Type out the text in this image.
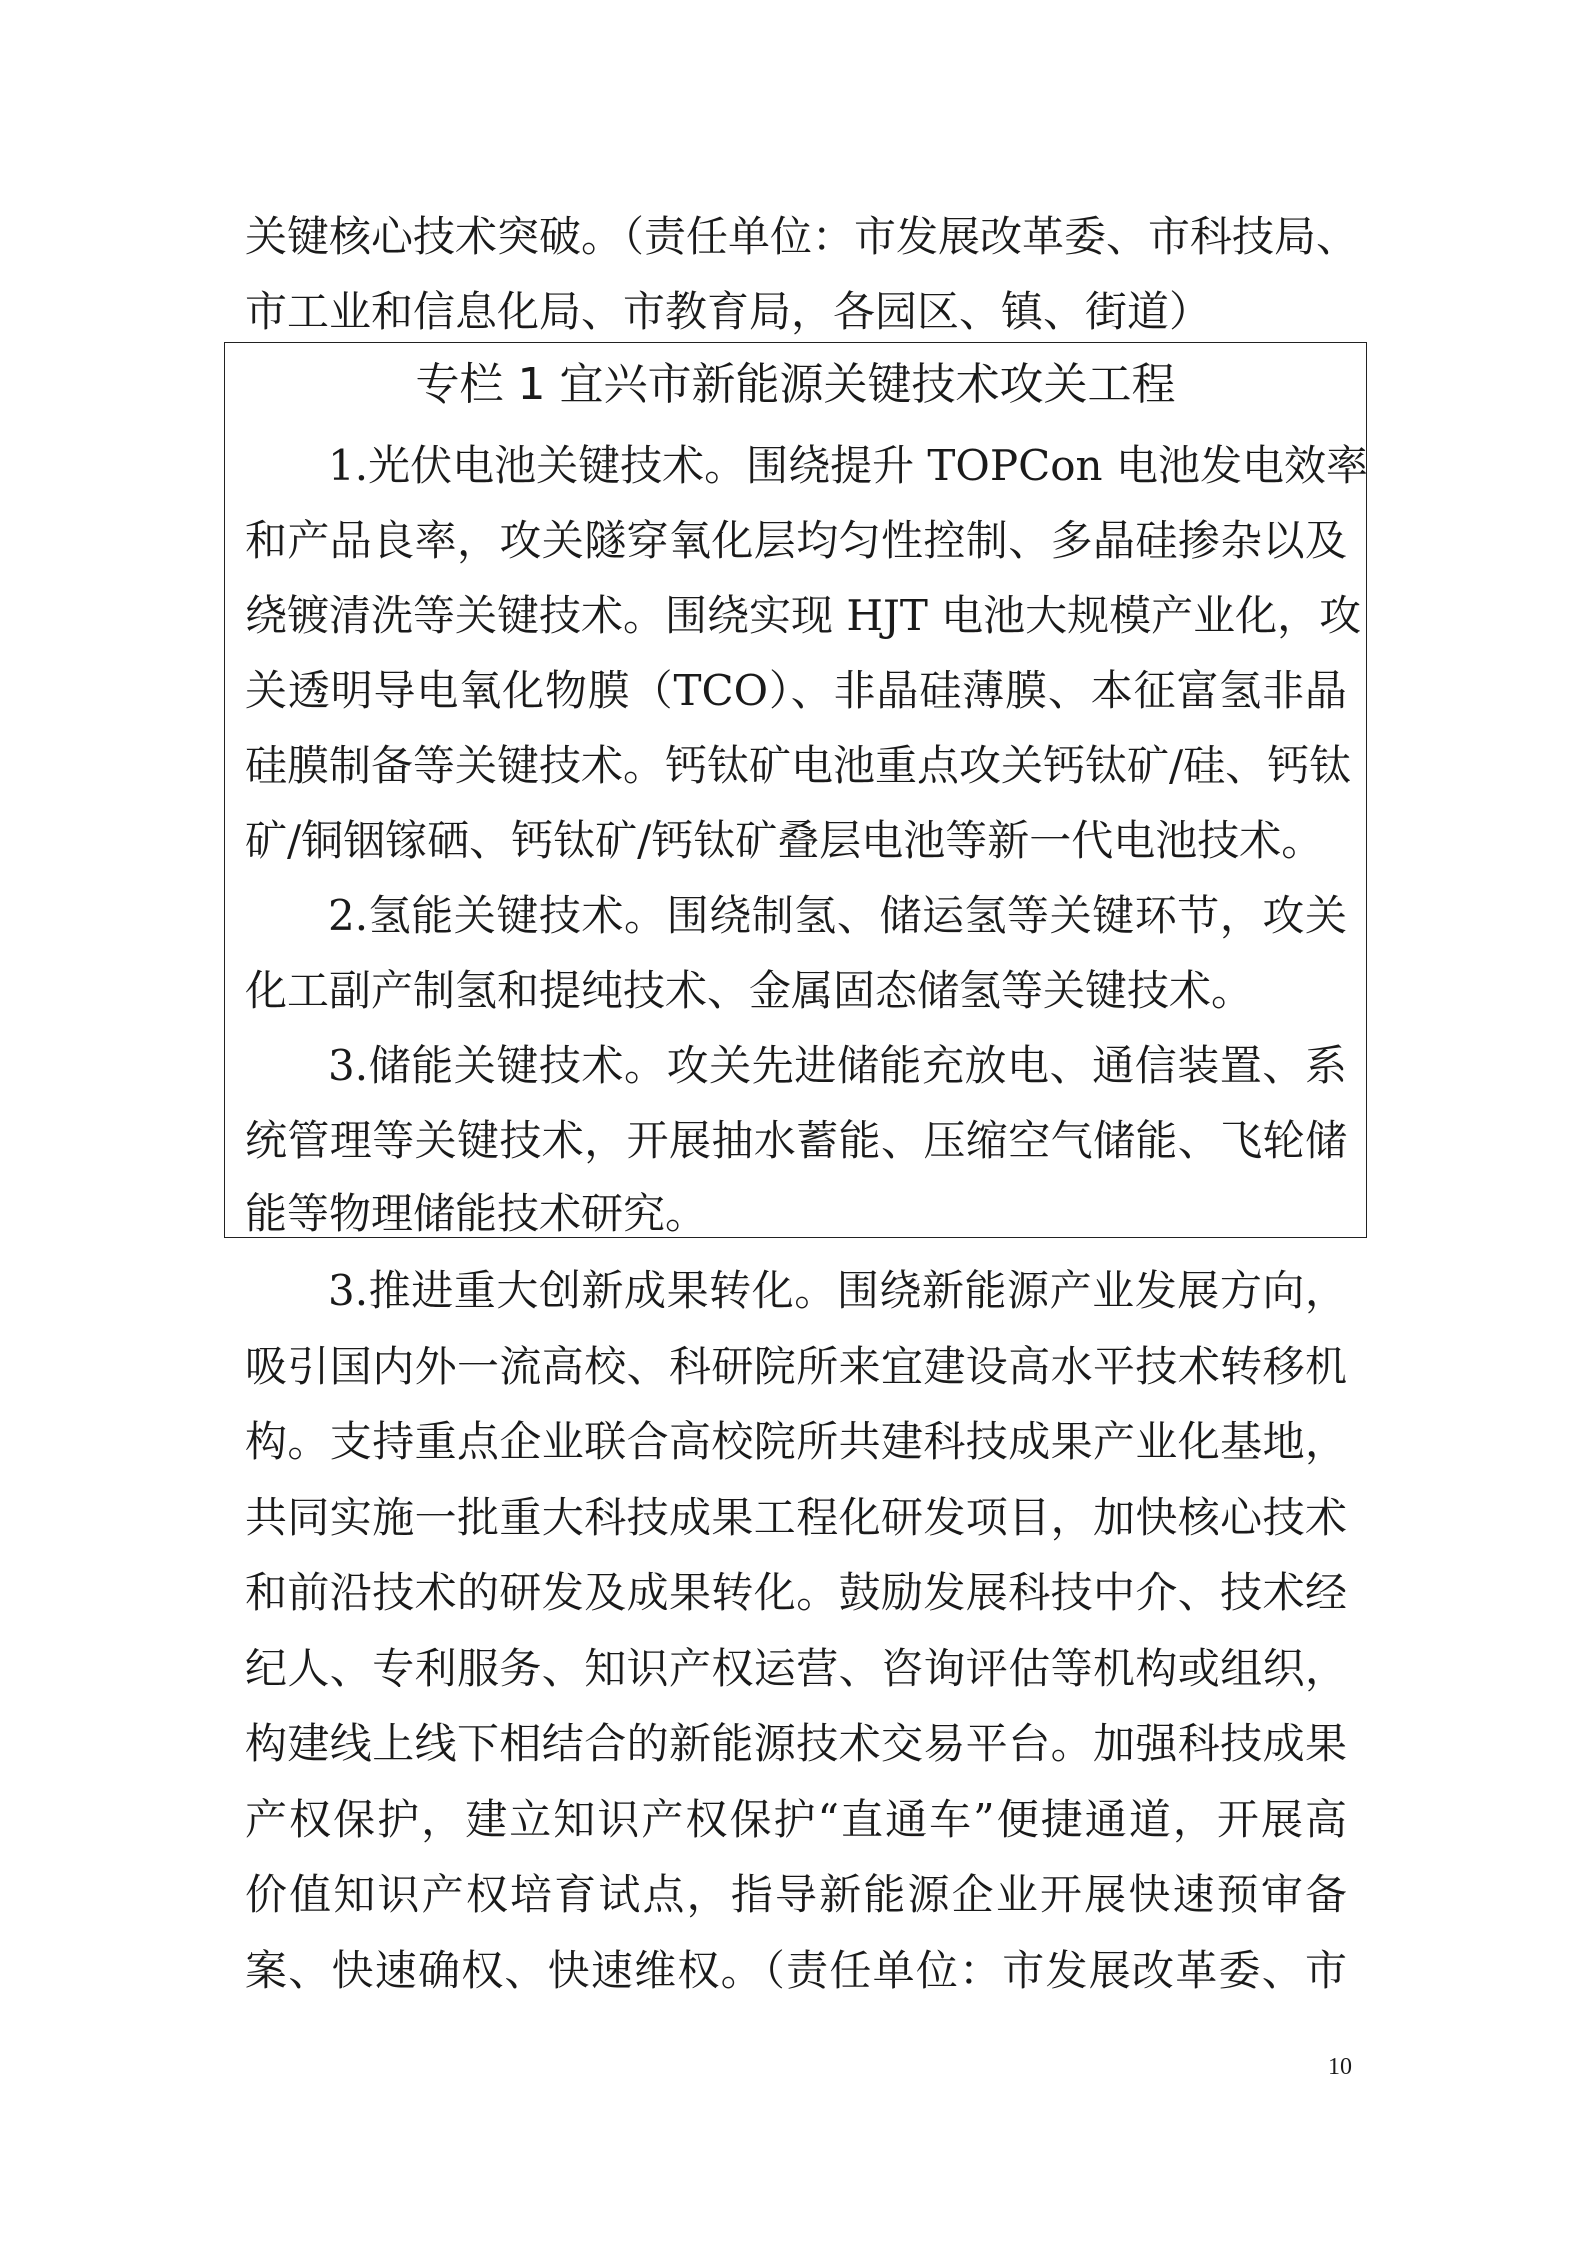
关键核心技术突破。（责任单位：市发展改革委、市科技局、
市工业和信息化局、市教育局，各园区、镇、街道）
专栏 1 宜兴市新能源关键技术攻关工程
1.光伏电池关键技术。围绕提升 TOPCon 电池发电效率
和产品良率，攻关隧穿氧化层均匀性控制、多晶硅掺杂以及
绕镀清洗等关键技术。围绕实现 HJT 电池大规模产业化，攻
关透明导电氧化物膜（TCO）、非晶硅薄膜、本征富氢非晶
硅膜制备等关键技术。钙钛矿电池重点攻关钙钛矿/硅、钙钛
矿/铜铟镓硒、钙钛矿/钙钛矿叠层电池等新一代电池技术。
2.氢能关键技术。围绕制氢、储运氢等关键环节，攻关
化工副产制氢和提纯技术、金属固态储氢等关键技术。
3.储能关键技术。攻关先进储能充放电、通信装置、系
统管理等关键技术，开展抽水蓄能、压缩空气储能、飞轮储
能等物理储能技术研究。
3.推进重大创新成果转化。围绕新能源产业发展方向，
吸引国内外一流高校、科研院所来宜建设高水平技术转移机
构。支持重点企业联合高校院所共建科技成果产业化基地，
共同实施一批重大科技成果工程化研发项目，加快核心技术
和前沿技术的研发及成果转化。鼓励发展科技中介、技术经
纪人、专利服务、知识产权运营、咨询评估等机构或组织，
构建线上线下相结合的新能源技术交易平台。加强科技成果
产权保护，建立知识产权保护“直通车”便捷通道，开展高
价值知识产权培育试点，指导新能源企业开展快速预审备
案、快速确权、快速维权。（责任单位：市发展改革委、市
10
